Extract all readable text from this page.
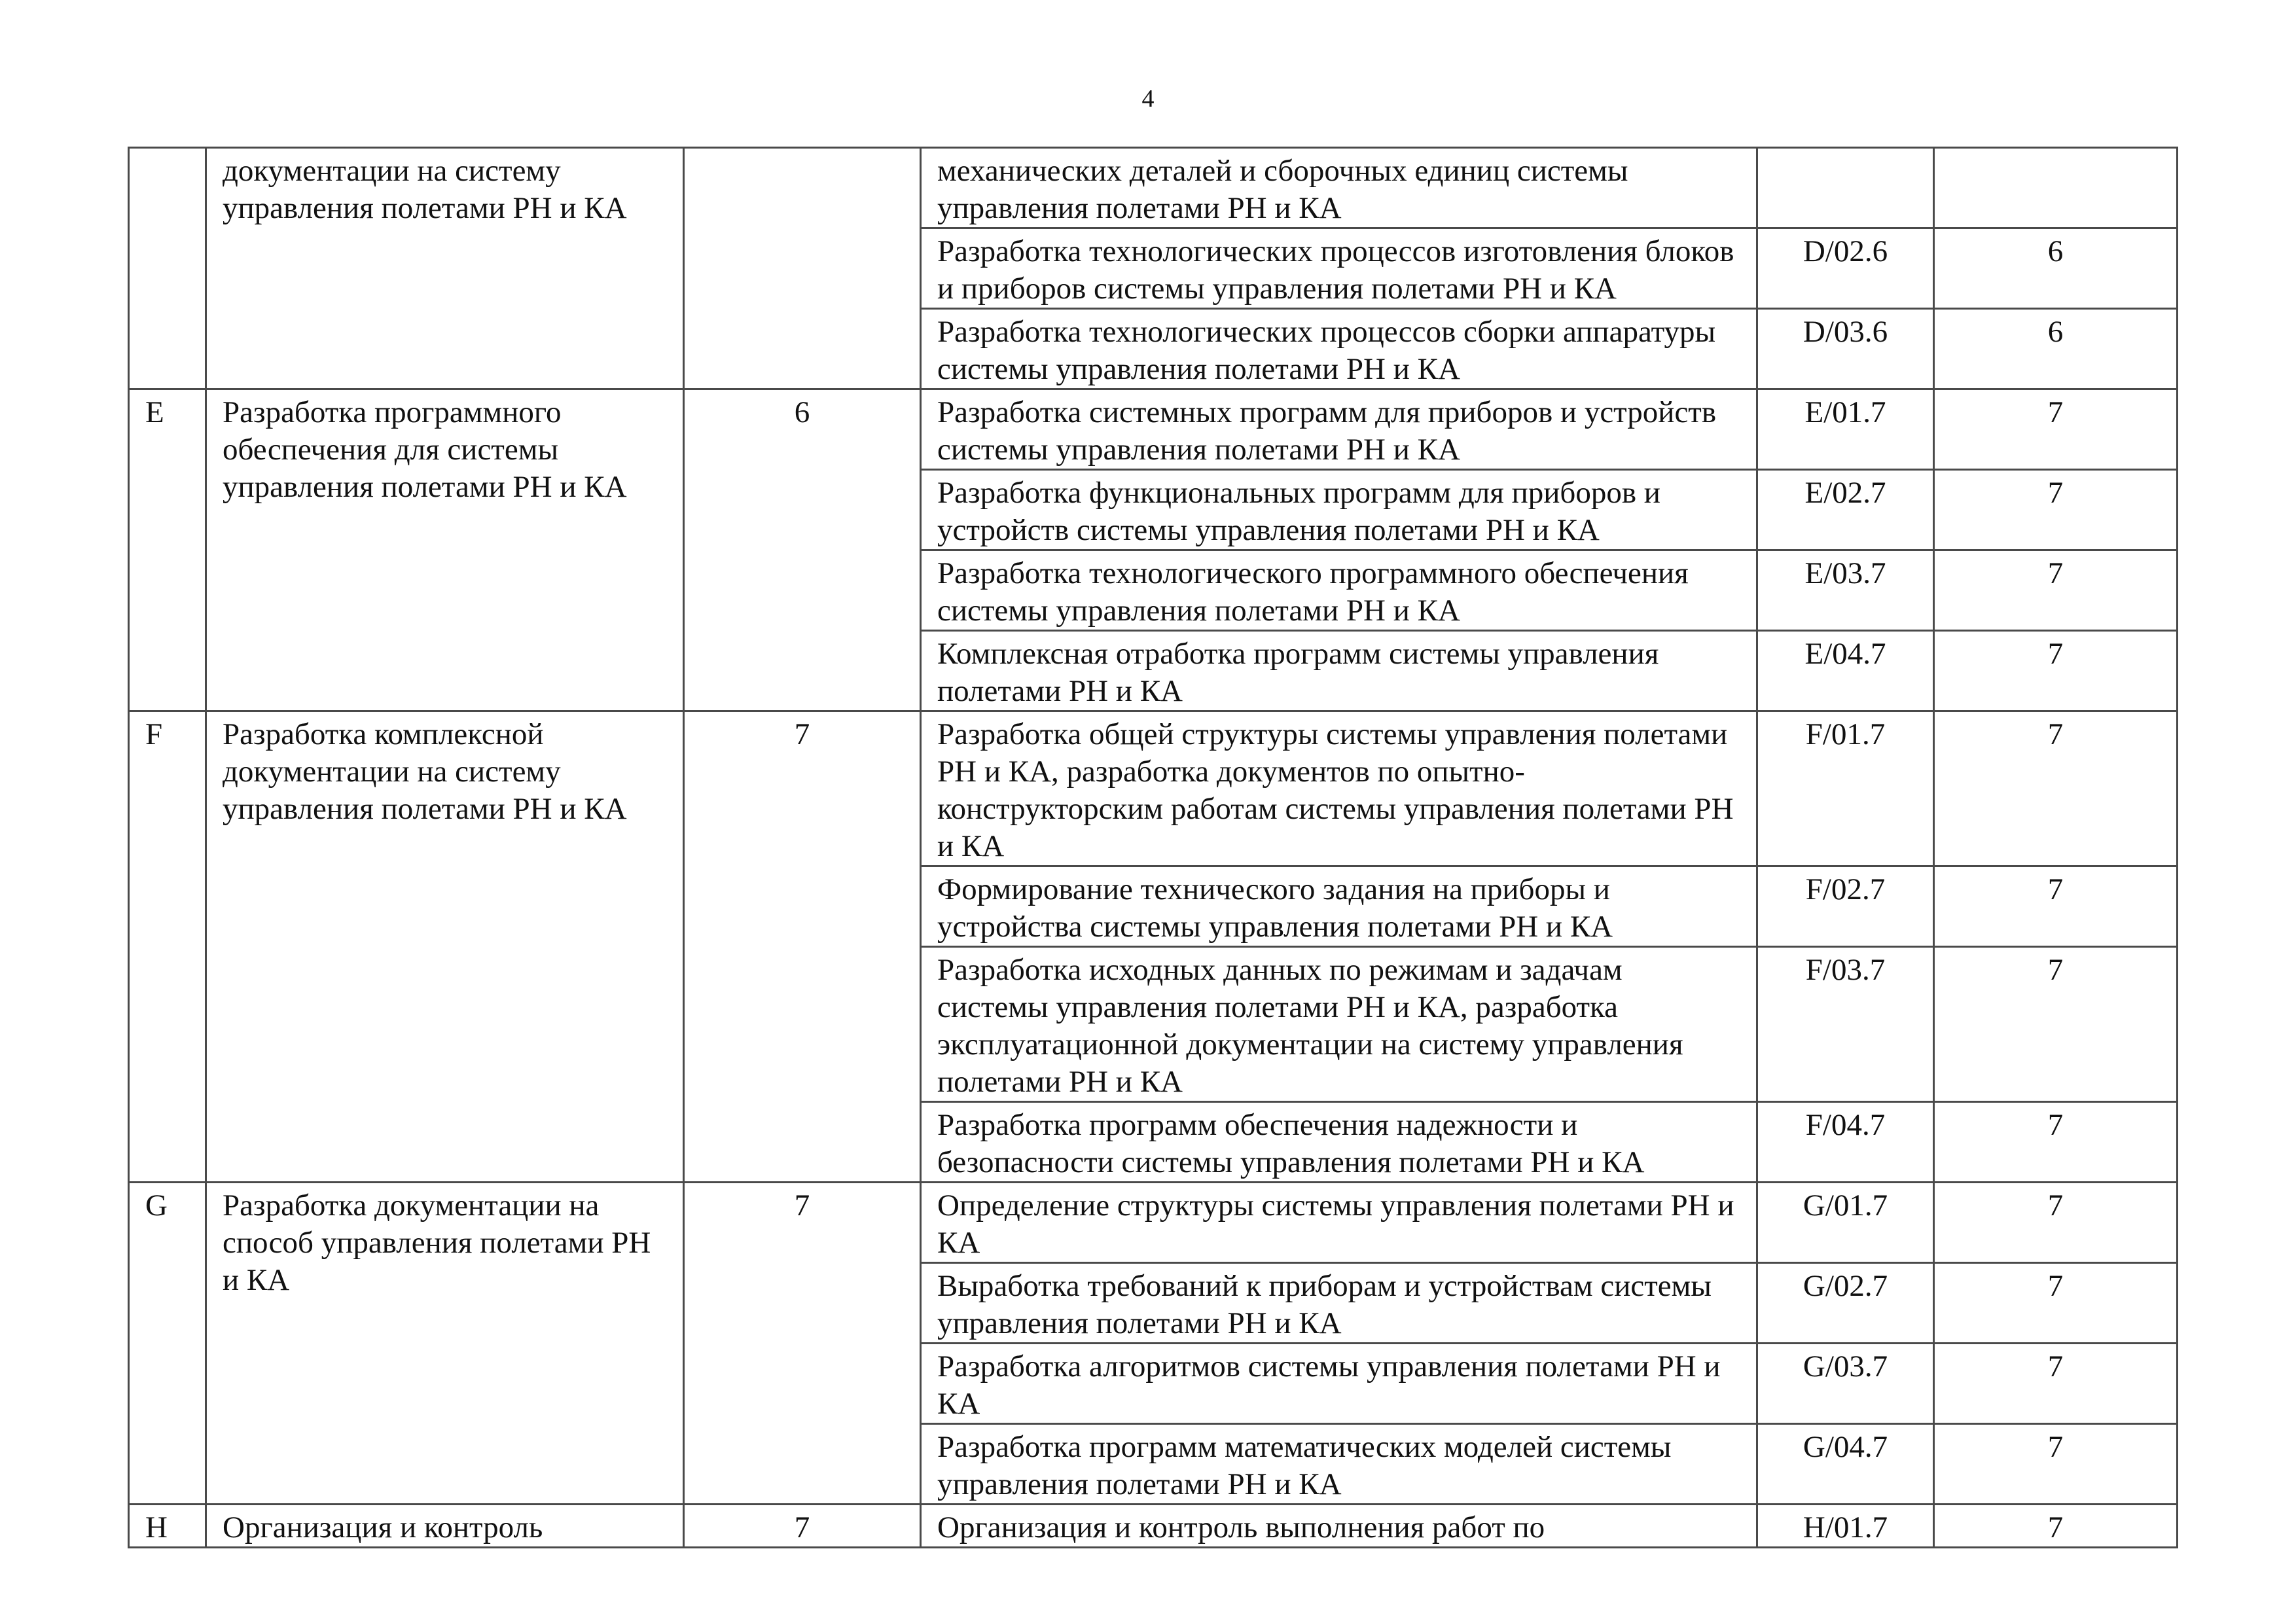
4
	документации на систему управления полетами РН и КА		механических деталей и сборочных единиц системы управления полетами РН и КА		
			Разработка технологических процессов изготовления блоков и приборов системы управления полетами РН и КА	D/02.6	6
			Разработка технологических процессов сборки аппаратуры системы управления полетами РН и КА	D/03.6	6
E	Разработка программного обеспечения для системы управления полетами РН и КА	6	Разработка системных программ для приборов и устройств системы управления полетами РН и КА	E/01.7	7
			Разработка функциональных программ для приборов и устройств системы управления полетами РН и КА	E/02.7	7
			Разработка технологического программного обеспечения системы управления полетами РН и КА	E/03.7	7
			Комплексная отработка программ системы управления полетами РН и КА	E/04.7	7
F	Разработка комплексной документации на систему управления полетами РН и КА	7	Разработка общей структуры системы управления полетами РН и КА, разработка документов по опытно-конструкторским работам системы управления полетами РН и КА	F/01.7	7
			Формирование технического задания на приборы и устройства системы управления полетами РН и КА	F/02.7	7
			Разработка исходных данных по режимам и задачам системы управления полетами РН и КА, разработка эксплуатационной документации на систему управления полетами РН и КА	F/03.7	7
			Разработка программ обеспечения надежности и безопасности системы управления полетами РН и КА	F/04.7	7
G	Разработка документации на способ управления полетами РН и КА	7	Определение структуры системы управления полетами РН и КА	G/01.7	7
			Выработка требований к приборам и устройствам системы управления полетами РН и КА	G/02.7	7
			Разработка алгоритмов системы управления полетами РН и КА	G/03.7	7
			Разработка программ математических моделей системы управления полетами РН и КА	G/04.7	7
H	Организация и контроль	7	Организация и контроль выполнения работ по	H/01.7	7
